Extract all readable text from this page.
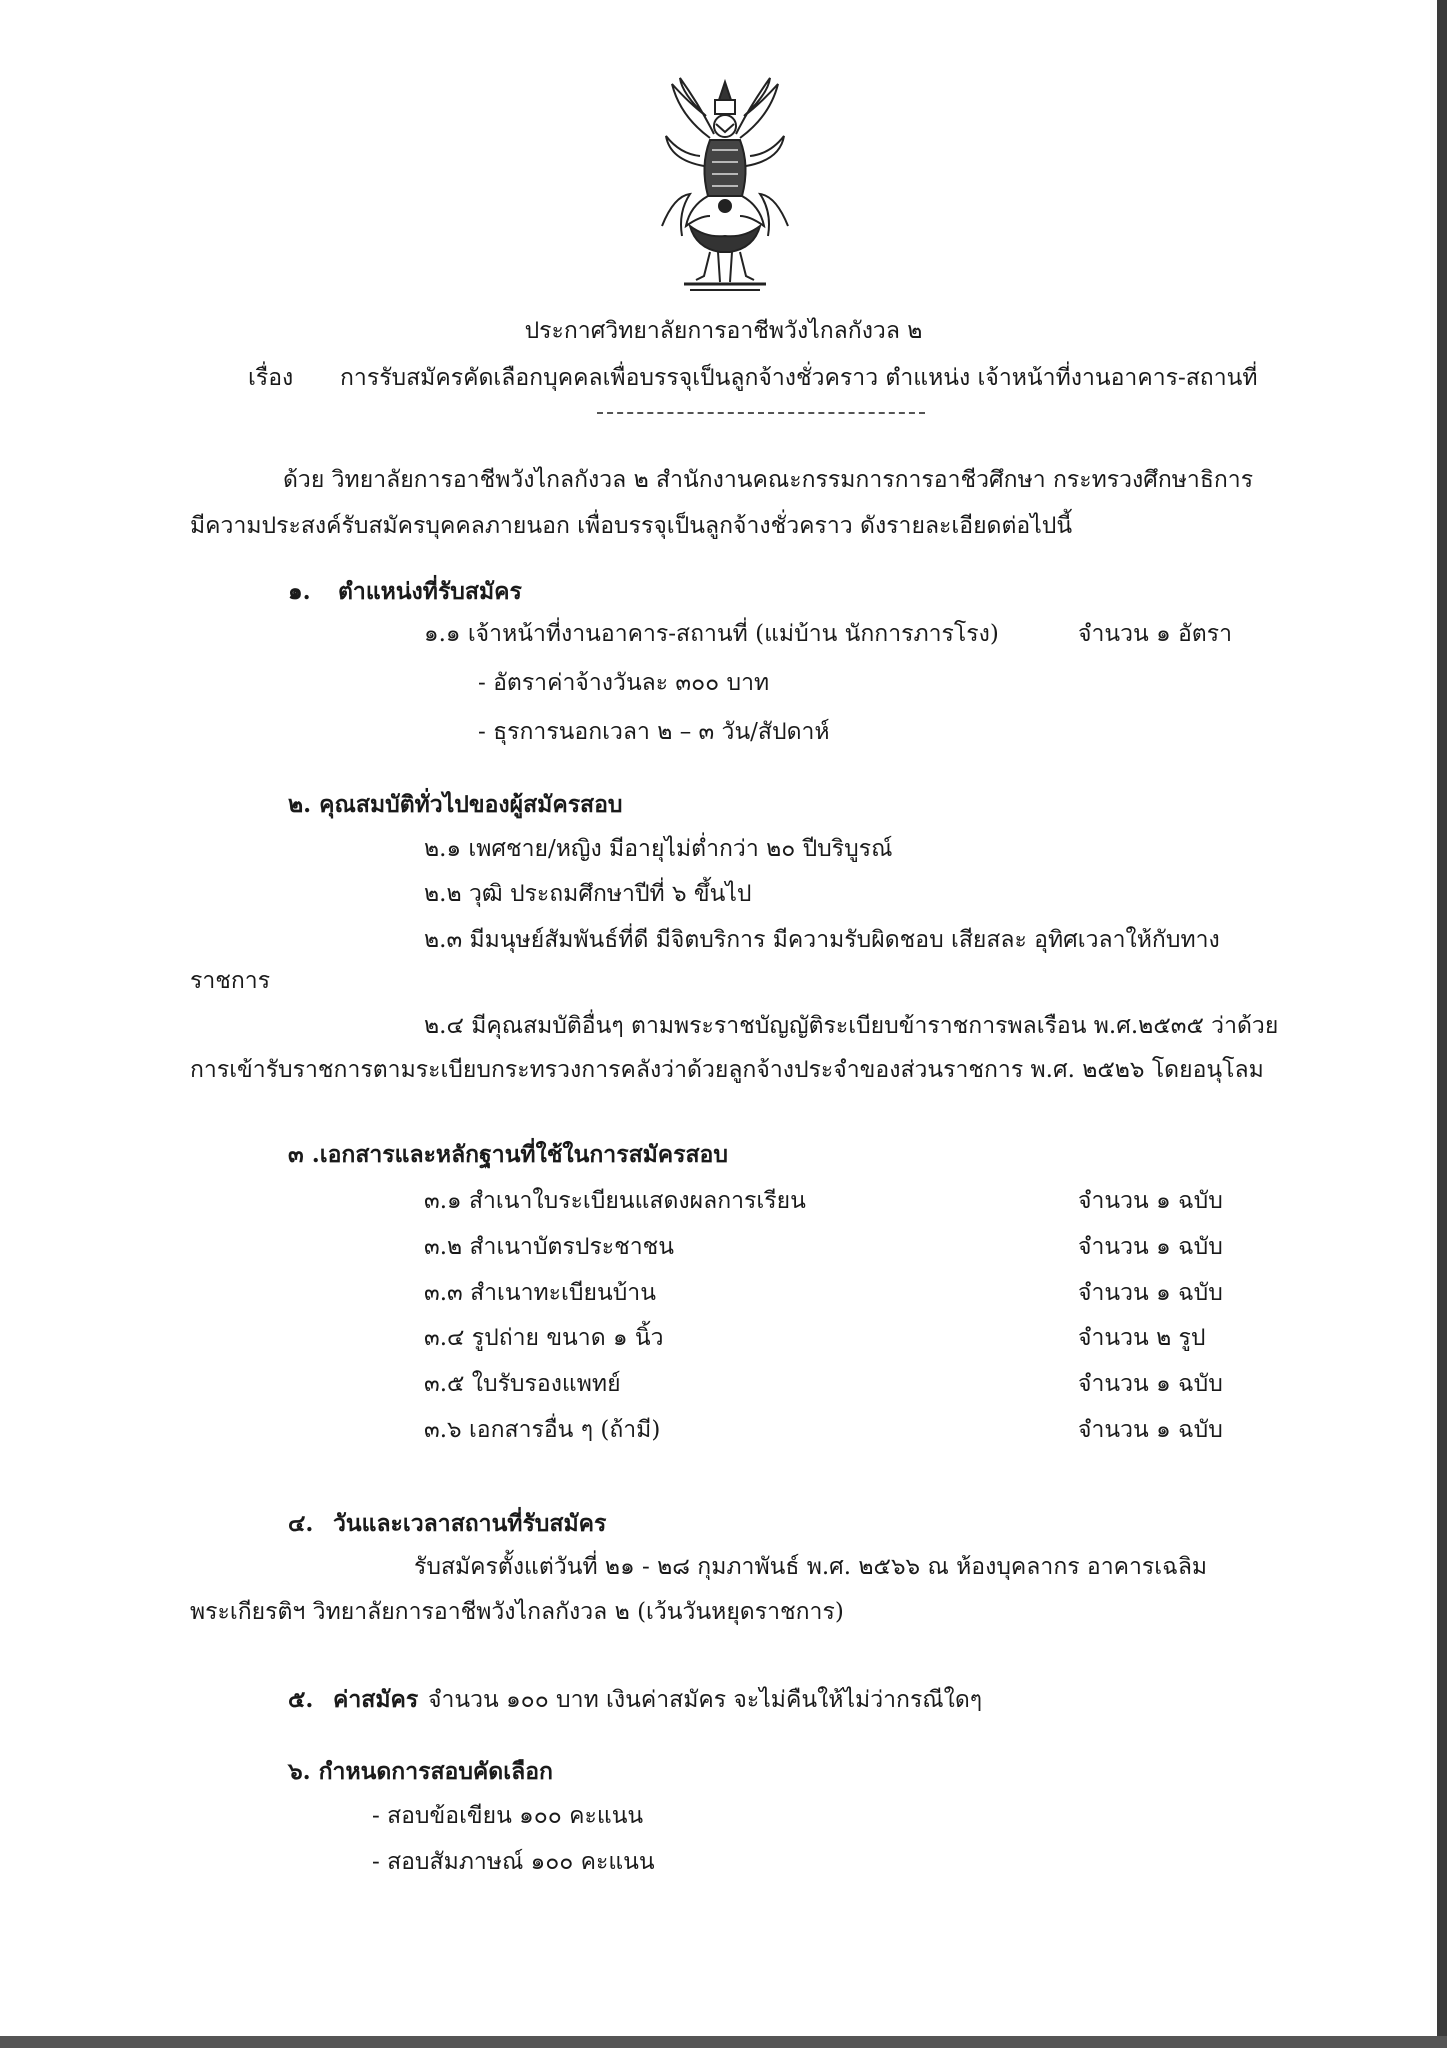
ประกาศวิทยาลัยการอาชีพวังไกลกังวล ๒
เรื่อง การรับสมัครคัดเลือกบุคคลเพื่อบรรจุเป็นลูกจ้างชั่วคราว ตำแหน่ง เจ้าหน้าที่งานอาคาร-สถานที่
ด้วย วิทยาลัยการอาชีพวังไกลกังวล ๒ สำนักงานคณะกรรมการการอาชีวศึกษา กระทรวงศึกษาธิการ
มีความประสงค์รับสมัครบุคคลภายนอก เพื่อบรรจุเป็นลูกจ้างชั่วคราว ดังรายละเอียดต่อไปนี้
๑. ตำแหน่งที่รับสมัคร
๑.๑ เจ้าหน้าที่งานอาคาร-สถานที่ (แม่บ้าน นักการภารโรง)	จำนวน ๑ อัตรา
- อัตราค่าจ้างวันละ ๓๐๐ บาท
- ธุรการนอกเวลา ๒ – ๓ วัน/สัปดาห์
๒. คุณสมบัติทั่วไปของผู้สมัครสอบ
๒.๑ เพศชาย/หญิง มีอายุไม่ต่ำกว่า ๒๐ ปีบริบูรณ์
๒.๒ วุฒิ ประถมศึกษาปีที่ ๖ ขึ้นไป
๒.๓ มีมนุษย์สัมพันธ์ที่ดี มีจิตบริการ มีความรับผิดชอบ เสียสละ อุทิศเวลาให้กับทาง
ราชการ
๒.๔ มีคุณสมบัติอื่นๆ ตามพระราชบัญญัติระเบียบข้าราชการพลเรือน พ.ศ.๒๕๓๕ ว่าด้วย
การเข้ารับราชการตามระเบียบกระทรวงการคลังว่าด้วยลูกจ้างประจำของส่วนราชการ พ.ศ. ๒๕๒๖ โดยอนุโลม
๓ .เอกสารและหลักฐานที่ใช้ในการสมัครสอบ
๓.๑ สำเนาใบระเบียนแสดงผลการเรียน	จำนวน ๑ ฉบับ
๓.๒ สำเนาบัตรประชาชน	จำนวน ๑ ฉบับ
๓.๓ สำเนาทะเบียนบ้าน	จำนวน ๑ ฉบับ
๓.๔ รูปถ่าย ขนาด ๑ นิ้ว	จำนวน ๒ รูป
๓.๕ ใบรับรองแพทย์	จำนวน ๑ ฉบับ
๓.๖ เอกสารอื่น ๆ (ถ้ามี)	จำนวน ๑ ฉบับ
๔. วันและเวลาสถานที่รับสมัคร
รับสมัครตั้งแต่วันที่ ๒๑ - ๒๘ กุมภาพันธ์ พ.ศ. ๒๕๖๖ ณ ห้องบุคลากร อาคารเฉลิม
พระเกียรติฯ วิทยาลัยการอาชีพวังไกลกังวล ๒ (เว้นวันหยุดราชการ)
๕. ค่าสมัคร จำนวน ๑๐๐ บาท เงินค่าสมัคร จะไม่คืนให้ไม่ว่ากรณีใดๆ
๖. กำหนดการสอบคัดเลือก
- สอบข้อเขียน ๑๐๐ คะแนน
- สอบสัมภาษณ์ ๑๐๐ คะแนน
